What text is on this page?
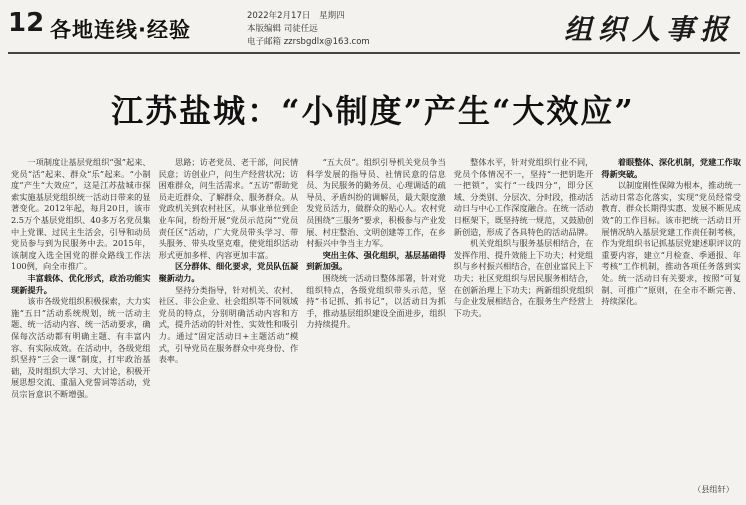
12 各地连线·经验
2022年2月17日 星期四
本版编辑 司徒任远
电子邮箱 zzrsbgdlx@163.com	组织人事报
江苏盐城：“小制度”产生“大效应”

一项制度让基层党组织“强”起来、党员“活”起来、群众“乐”起来。“小制度”产生“大效应”，这是江苏盐城市探索实施基层党组织统一活动日带来的显著变化。2012年起，每月20日，该市2.5万个基层党组织、40多万名党员集中上党课、过民主生活会，引导和动员党员参与到为民服务中去。2015年，该制度入选全国党的群众路线工作法100例，向全市推广。

丰富载体、优化形式，政治功能实现新提升。

该市各级党组织积极探索，大力实施“五日”活动系统规划，统一活动主题、统一活动内容、统一活动要求，确保每次活动都有明确主题、有丰富内容、有实际成效。在活动中，各级党组织坚持“三会一课”制度，打牢政治基础，及时组织大学习、大讨论，积极开展思想交流、重温入党誓词等活动，党员宗旨意识不断增强。

思路；访老党员、老干部，问民情民意；访创业户，问生产经营状况；访困难群众，问生活需求。“五访”帮助党员走近群众、了解群众、服务群众。从党政机关到农村社区，从事业单位到企业车间，纷纷开展“党员示范岗”“党员责任区”活动，广大党员带头学习、带头服务、带头攻坚克难，使党组织活动形式更加多样、内容更加丰富。

区分群体、细化要求，党员队伍凝聚新动力。

坚持分类指导，针对机关、农村、社区、非公企业、社会组织等不同领域党员的特点，分别明确活动内容和方式，提升活动的针对性、实效性和吸引力。通过“固定活动日+主题活动”模式，引导党员在服务群众中亮身份、作表率。

“五大员”。组织引导机关党员争当科学发展的指导员、社情民意的信息员、为民服务的勤务员、心理调适的疏导员、矛盾纠纷的调解员，最大限度激发党员活力，做群众的贴心人。农村党员围绕“三服务”要求，积极参与产业发展、村庄整治、文明创建等工作，在乡村振兴中争当主力军。

突出主体、强化组织，基层基础得到新加强。

围绕统一活动日整体部署，针对党组织特点，各级党组织带头示范，坚持“书记抓、抓书记”，以活动日为抓手，推动基层组织建设全面进步，组织力持续提升。

整体水平，针对党组织行业不同，党员个体情况不一，坚持“一把钥匙开一把锁”，实行“一线四分”，即分区域、分类别、分层次、分时段，推动活动日与中心工作深度融合。在统一活动日框架下，既坚持统一规范，又鼓励创新创造，形成了各具特色的活动品牌。

机关党组织与服务基层相结合，在发挥作用、提升效能上下功夫；村党组织与乡村振兴相结合，在创业富民上下功夫；社区党组织与居民服务相结合，在创新治理上下功夫；两新组织党组织与企业发展相结合，在服务生产经营上下功夫。

着眼整体、深化机制，党建工作取得新突破。

以制度刚性保障为根本，推动统一活动日常态化落实，实现“党员经常受教育、群众长期得实惠、发展不断见成效”的工作目标。该市把统一活动日开展情况纳入基层党建工作责任制考核，作为党组织书记抓基层党建述职评议的重要内容，建立“月检查、季通报、年考核”工作机制，推动各项任务落到实处。统一活动日有关要求，按照“可复制、可推广”原则，在全市不断完善、持续深化。

（县组轩）
